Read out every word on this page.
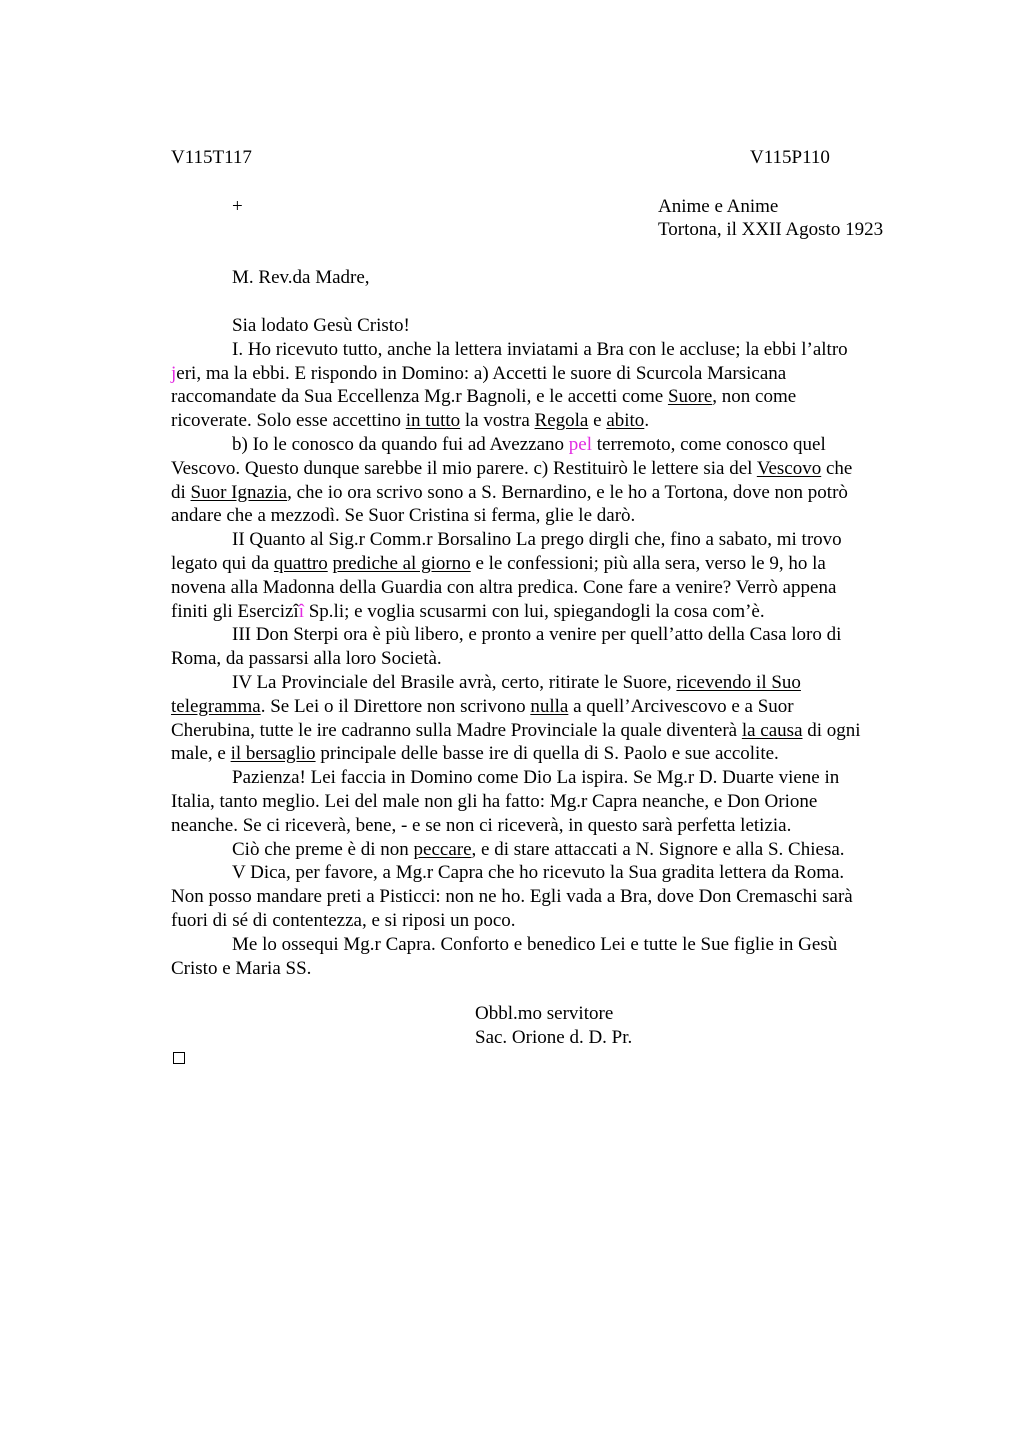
V115T117	V115P110
+	Anime e Anime
Tortona, il XXII Agosto 1923
M. Rev.da Madre,
Sia lodato Gesù Cristo!
I. Ho ricevuto tutto, anche la lettera inviatami a Bra con le accluse; la ebbi l’altro
jeri, ma la ebbi. E rispondo in Domino: a) Accetti le suore di Scurcola Marsicana
raccomandate da Sua Eccellenza Mg.r Bagnoli, e le accetti come Suore, non come
ricoverate. Solo esse accettino in tutto la vostra Regola e abito.
b) Io le conosco da quando fui ad Avezzano pel terremoto, come conosco quel
Vescovo. Questo dunque sarebbe il mio parere. c) Restituirò le lettere sia del Vescovo che
di Suor Ignazia, che io ora scrivo sono a S. Bernardino, e le ho a Tortona, dove non potrò
andare che a mezzodì. Se Suor Cristina si ferma, glie le darò.
II Quanto al Sig.r Comm.r Borsalino La prego dirgli che, fino a sabato, mi trovo
legato qui da quattro prediche al giorno e le confessioni; più alla sera, verso le 9, ho la
novena alla Madonna della Guardia con altra predica. Cone fare a venire? Verrò appena
finiti gli Esercizîî Sp.li; e voglia scusarmi con lui, spiegandogli la cosa com’è.
III Don Sterpi ora è più libero, e pronto a venire per quell’atto della Casa loro di
Roma, da passarsi alla loro Società.
IV La Provinciale del Brasile avrà, certo, ritirate le Suore, ricevendo il Suo
telegramma. Se Lei o il Direttore non scrivono nulla a quell’Arcivescovo e a Suor
Cherubina, tutte le ire cadranno sulla Madre Provinciale la quale diventerà la causa di ogni
male, e il bersaglio principale delle basse ire di quella di S. Paolo e sue accolite.
Pazienza! Lei faccia in Domino come Dio La ispira. Se Mg.r D. Duarte viene in
Italia, tanto meglio. Lei del male non gli ha fatto: Mg.r Capra neanche, e Don Orione
neanche. Se ci riceverà, bene, - e se non ci riceverà, in questo sarà perfetta letizia.
Ciò che preme è di non peccare, e di stare attaccati a N. Signore e alla S. Chiesa.
V Dica, per favore, a Mg.r Capra che ho ricevuto la Sua gradita lettera da Roma.
Non posso mandare preti a Pisticci: non ne ho. Egli vada a Bra, dove Don Cremaschi sarà
fuori di sé di contentezza, e si riposi un poco.
Me lo ossequi Mg.r Capra. Conforto e benedico Lei e tutte le Sue figlie in Gesù
Cristo e Maria SS.
Obbl.mo servitore
Sac. Orione d. D. Pr.
